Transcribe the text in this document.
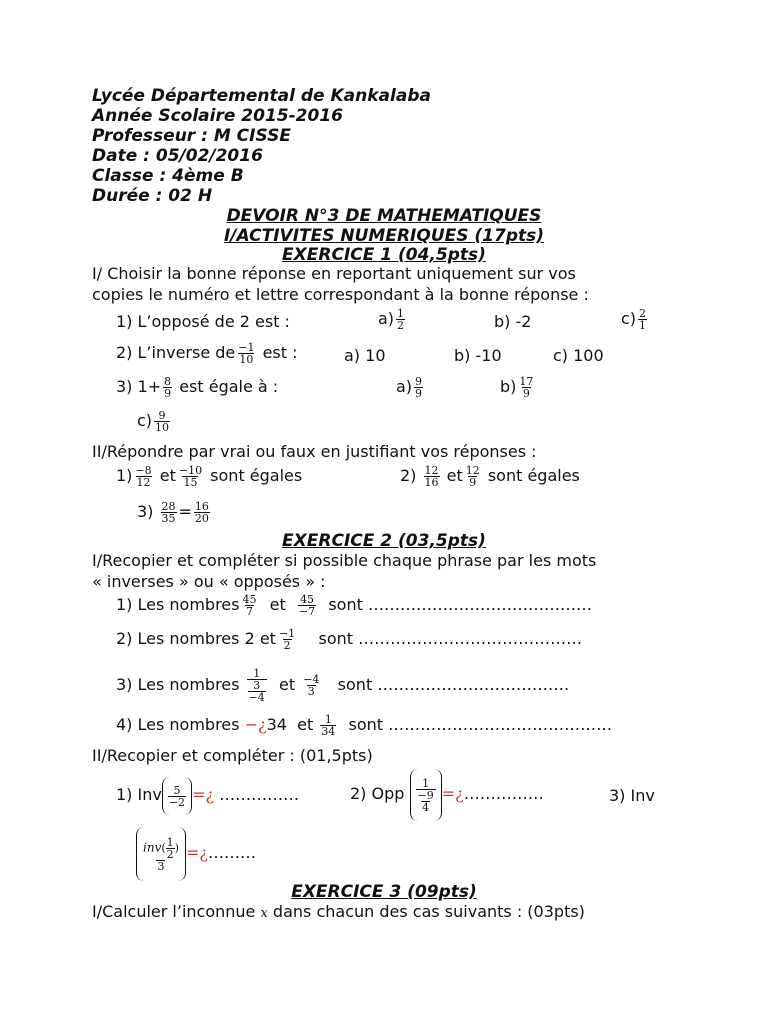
Lycée Départemental de Kankalaba
Année Scolaire 2015-2016
Professeur : M CISSE
Date : 05/02/2016
Classe : 4ème B
Durée : 02 H
DEVOIR N°3 DE MATHEMATIQUES
I/ACTIVITES NUMERIQUES (17pts)
EXERCICE 1 (04,5pts)
I/ Choisir la bonne réponse en reportant uniquement sur vos
copies le numéro et lettre correspondant à la bonne réponse :
1) L’opposé de 2 est :	$a) \frac{1}{2}$	b) -2	$c) \frac{2}{1}$
2) L’inverse de $\frac{-1}{10}$ est :	a) 10	b) -10	c) 100
3) $1+ \frac{8}{9}$ est égale à :	$a) \frac{9}{9}$	$b) \frac{17}{9}$
$c) \frac{9}{10}$
II/Répondre par vrai ou faux en justifiant vos réponses :
$1) \frac{-8}{12}$ et $\frac{-10}{15}$ sont égales	$2) \frac{12}{16}$ et $\frac{12}{9}$ sont égales
$3) \frac{28}{35} = \frac{16}{20}$
EXERCICE 2 (03,5pts)
I/Recopier et compléter si possible chaque phrase par les mots
« inverses » ou « opposés » :
1) Les nombres $\frac{45}{7}$ et $\frac{45}{-7}$ sont ……………………………………
2) Les nombres 2 et $\frac{-1}{2}$ sont ……………………………………
3) Les nombres $\frac{1}{\frac{3}{-4}}$ et $\frac{-4}{3}$ sont ………………………………
4) Les nombres −¿34 et $\frac{1}{34}$ sont ……………………………………
II/Recopier et compléter : (01,5pts)
1) Inv $\frac{5}{-2}$ =¿ ……………	2) Opp $\frac{1}{\frac{-9}{4}}$ =¿……………	3) Inv
$inv( \frac{1}{2}$ )
3
=¿………
EXERCICE 3 (09pts)
I/Calculer l’inconnue x dans chacun des cas suivants : (03pts)
